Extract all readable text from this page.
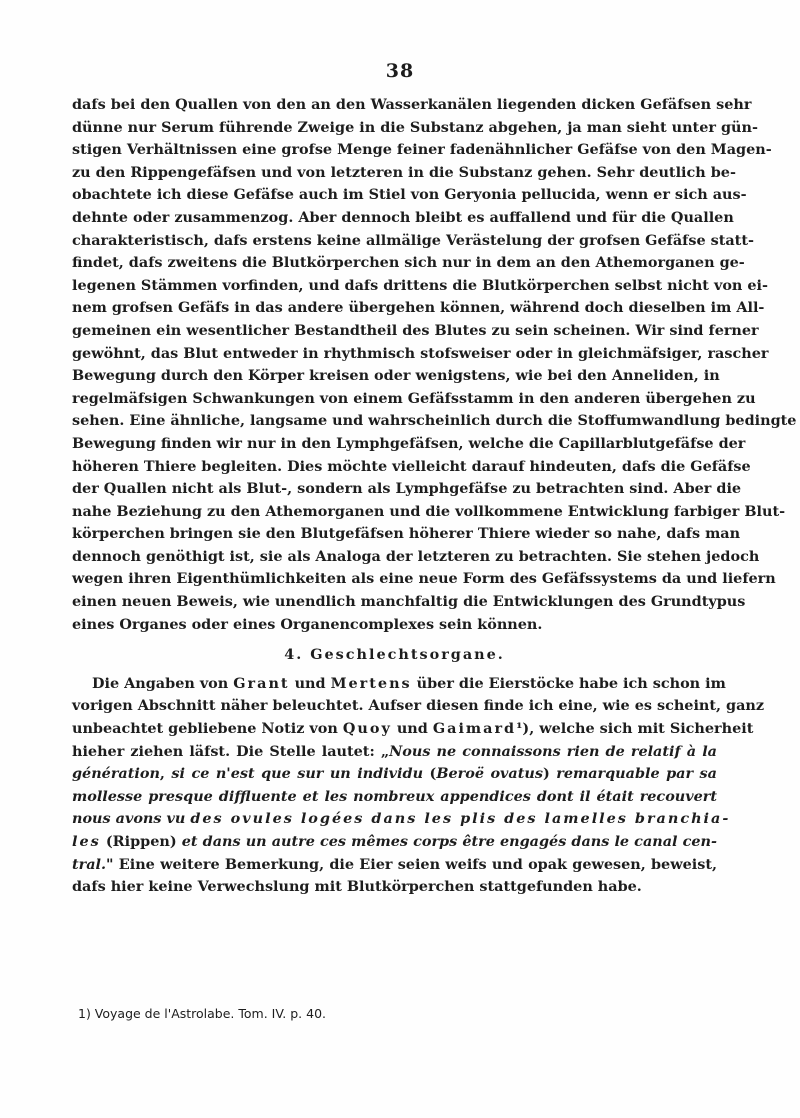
38
dafs bei den Quallen von den an den Wasserkanälen liegenden dicken Gefäfsen sehr
dünne nur Serum führende Zweige in die Substanz abgehen, ja man sieht unter gün-
stigen Verhältnissen eine grofse Menge feiner fadenähnlicher Gefäfse von den Magen-
zu den Rippengefäfsen und von letzteren in die Substanz gehen. Sehr deutlich be-
obachtete ich diese Gefäfse auch im Stiel von Geryonia pellucida, wenn er sich aus-
dehnte oder zusammenzog. Aber dennoch bleibt es auffallend und für die Quallen
charakteristisch, dafs erstens keine allmälige Verästelung der grofsen Gefäfse statt-
findet, dafs zweitens die Blutkörperchen sich nur in dem an den Athemorganen ge-
legenen Stämmen vorfinden, und dafs drittens die Blutkörperchen selbst nicht von ei-
nem grofsen Gefäfs in das andere übergehen können, während doch dieselben im All-
gemeinen ein wesentlicher Bestandtheil des Blutes zu sein scheinen. Wir sind ferner
gewöhnt, das Blut entweder in rhythmisch stofsweiser oder in gleichmäfsiger, rascher
Bewegung durch den Körper kreisen oder wenigstens, wie bei den Anneliden, in
regelmäfsigen Schwankungen von einem Gefäfsstamm in den anderen übergehen zu
sehen. Eine ähnliche, langsame und wahrscheinlich durch die Stoffumwandlung bedingte
Bewegung finden wir nur in den Lymphgefäfsen, welche die Capillarblutgefäfse der
höheren Thiere begleiten. Dies möchte vielleicht darauf hindeuten, dafs die Gefäfse
der Quallen nicht als Blut-, sondern als Lymphgefäfse zu betrachten sind. Aber die
nahe Beziehung zu den Athemorganen und die vollkommene Entwicklung farbiger Blut-
körperchen bringen sie den Blutgefäfsen höherer Thiere wieder so nahe, dafs man
dennoch genöthigt ist, sie als Analoga der letzteren zu betrachten. Sie stehen jedoch
wegen ihren Eigenthümlichkeiten als eine neue Form des Gefäfssystems da und liefern
einen neuen Beweis, wie unendlich manchfaltig die Entwicklungen des Grundtypus
eines Organes oder eines Organencomplexes sein können.
4. Geschlechtsorgane.
Die Angaben von Grant und Mertens über die Eierstöcke habe ich schon im
vorigen Abschnitt näher beleuchtet. Aufser diesen finde ich eine, wie es scheint, ganz
unbeachtet gebliebene Notiz von Quoy und Gaimard¹), welche sich mit Sicherheit
hieher ziehen läfst. Die Stelle lautet: „Nous ne connaissons rien de relatif à la
génération, si ce n'est que sur un individu (Beroë ovatus) remarquable par sa
mollesse presque diffluente et les nombreux appendices dont il était recouvert
nous avons vu des ovules logées dans les plis des lamelles branchia-
les (Rippen) et dans un autre ces mêmes corps être engagés dans le canal cen-
tral." Eine weitere Bemerkung, die Eier seien weifs und opak gewesen, beweist,
dafs hier keine Verwechslung mit Blutkörperchen stattgefunden habe.
1) Voyage de l'Astrolabe. Tom. IV. p. 40.
